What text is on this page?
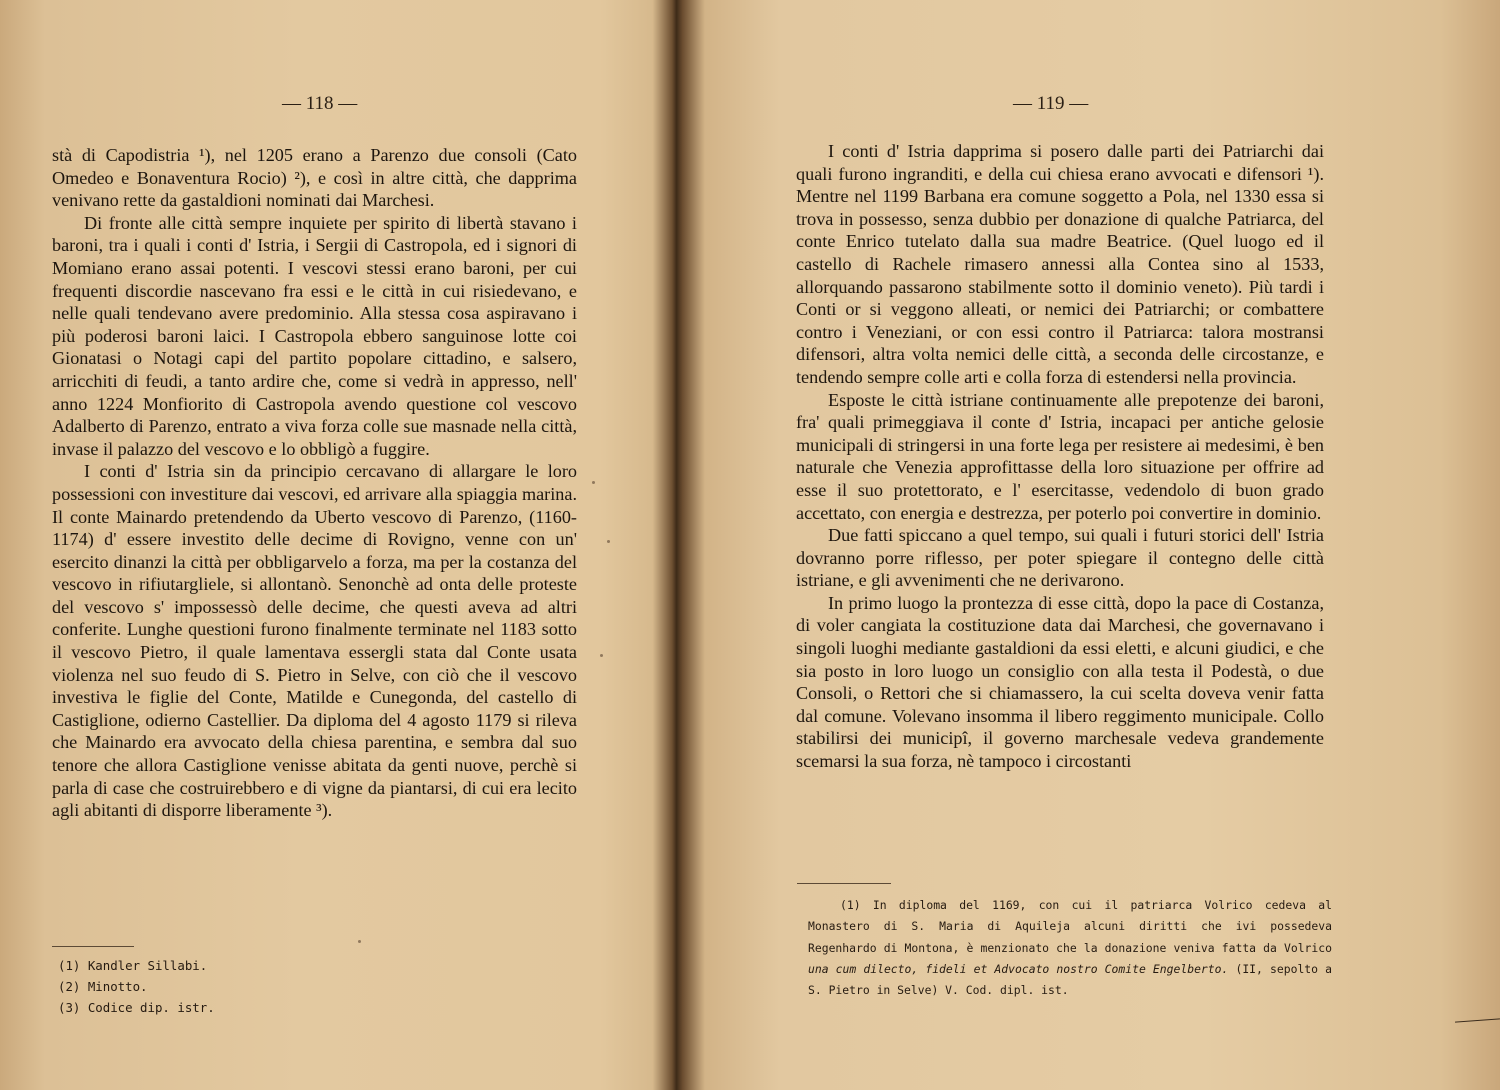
— 118 —

stà di Capodistria ¹), nel 1205 erano a Parenzo due consoli (Cato Omedeo e Bonaventura Rocio) ²), e così in altre città, che dapprima venivano rette da gastaldioni nominati dai Marchesi.

Di fronte alle città sempre inquiete per spirito di libertà stavano i baroni, tra i quali i conti d' Istria, i Sergii di Castropola, ed i signori di Momiano erano assai potenti. I vescovi stessi erano baroni, per cui frequenti discordie nascevano fra essi e le città in cui risiedevano, e nelle quali tendevano avere predominio. Alla stessa cosa aspiravano i più poderosi baroni laici. I Castropola ebbero sanguinose lotte coi Gionatasi o Notagi capi del partito popolare cittadino, e salsero, arricchiti di feudi, a tanto ardire che, come si vedrà in appresso, nell' anno 1224 Monfiorito di Castropola avendo questione col vescovo Adalberto di Parenzo, entrato a viva forza colle sue masnade nella città, invase il palazzo del vescovo e lo obbligò a fuggire.

I conti d' Istria sin da principio cercavano di allargare le loro possessioni con investiture dai vescovi, ed arrivare alla spiaggia marina. Il conte Mainardo pretendendo da Uberto vescovo di Parenzo, (1160-1174) d' essere investito delle decime di Rovigno, venne con un' esercito dinanzi la città per obbligarvelo a forza, ma per la costanza del vescovo in rifiutargliele, si allontanò. Senonchè ad onta delle proteste del vescovo s' impossessò delle decime, che questi aveva ad altri conferite. Lunghe questioni furono finalmente terminate nel 1183 sotto il vescovo Pietro, il quale lamentava essergli stata dal Conte usata violenza nel suo feudo di S. Pietro in Selve, con ciò che il vescovo investiva le figlie del Conte, Matilde e Cunegonda, del castello di Castiglione, odierno Castellier. Da diploma del 4 agosto 1179 si rileva che Mainardo era avvocato della chiesa parentina, e sembra dal suo tenore che allora Castiglione venisse abitata da genti nuove, perchè si parla di case che costruirebbero e di vigne da piantarsi, di cui era lecito agli abitanti di disporre liberamente ³).

(1) Kandler Sillabi.
(2) Minotto.
(3) Codice dip. istr.
— 119 —

I conti d' Istria dapprima si posero dalle parti dei Patriarchi dai quali furono ingranditi, e della cui chiesa erano avvocati e difensori ¹). Mentre nel 1199 Barbana era comune soggetto a Pola, nel 1330 essa si trova in possesso, senza dubbio per donazione di qualche Patriarca, del conte Enrico tutelato dalla sua madre Beatrice. (Quel luogo ed il castello di Rachele rimasero annessi alla Contea sino al 1533, allorquando passarono stabilmente sotto il dominio veneto). Più tardi i Conti or si veggono alleati, or nemici dei Patriarchi; or combattere contro i Veneziani, or con essi contro il Patriarca: talora mostransi difensori, altra volta nemici delle città, a seconda delle circostanze, e tendendo sempre colle arti e colla forza di estendersi nella provincia.

Esposte le città istriane continuamente alle prepotenze dei baroni, fra' quali primeggiava il conte d' Istria, incapaci per antiche gelosie municipali di stringersi in una forte lega per resistere ai medesimi, è ben naturale che Venezia approfittasse della loro situazione per offrire ad esse il suo protettorato, e l' esercitasse, vedendolo di buon grado accettato, con energia e destrezza, per poterlo poi convertire in dominio.

Due fatti spiccano a quel tempo, sui quali i futuri storici dell' Istria dovranno porre riflesso, per poter spiegare il contegno delle città istriane, e gli avvenimenti che ne derivarono.

In primo luogo la prontezza di esse città, dopo la pace di Costanza, di voler cangiata la costituzione data dai Marchesi, che governavano i singoli luoghi mediante gastaldioni da essi eletti, e alcuni giudici, e che sia posto in loro luogo un consiglio con alla testa il Podestà, o due Consoli, o Rettori che si chiamassero, la cui scelta doveva venir fatta dal comune. Volevano insomma il libero reggimento municipale. Collo stabilirsi dei municipî, il governo marchesale vedeva grandemente scemarsi la sua forza, nè tampoco i circostanti

(1) In diploma del 1169, con cui il patriarca Volrico cedeva al Monastero di S. Maria di Aquileja alcuni diritti che ivi possedeva Regenhardo di Montona, è menzionato che la donazione veniva fatta da Volrico una cum dilecto, fideli et Advocato nostro Comite Engelberto. (II, sepolto a S. Pietro in Selve) V. Cod. dipl. ist.
